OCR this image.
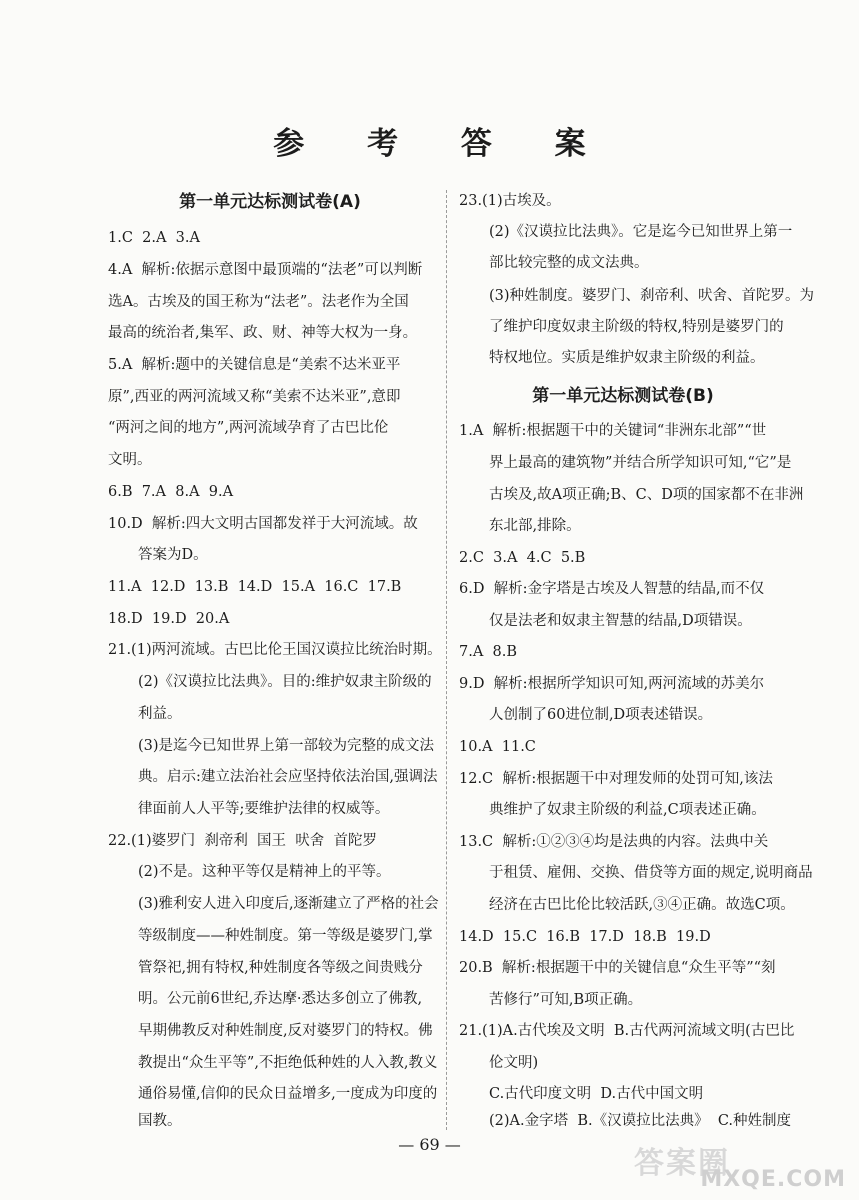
参 考 答 案
第一单元达标测试卷(A)
1.C  2.A  3.A
4.A  解析:依据示意图中最顶端的“法老”可以判断
选A。古埃及的国王称为“法老”。法老作为全国
最高的统治者,集军、政、财、神等大权为一身。
5.A  解析:题中的关键信息是“美索不达米亚平
原”,西亚的两河流域又称“美索不达米亚”,意即
“两河之间的地方”,两河流域孕育了古巴比伦
文明。
6.B  7.A  8.A  9.A
10.D  解析:四大文明古国都发祥于大河流域。故
答案为D。
11.A  12.D  13.B  14.D  15.A  16.C  17.B
18.D  19.D  20.A
21.(1)两河流域。古巴比伦王国汉谟拉比统治时期。
(2)《汉谟拉比法典》。目的:维护奴隶主阶级的
利益。
(3)是迄今已知世界上第一部较为完整的成文法
典。启示:建立法治社会应坚持依法治国,强调法
律面前人人平等;要维护法律的权威等。
22.(1)婆罗门  刹帝利  国王  吠舍  首陀罗
(2)不是。这种平等仅是精神上的平等。
(3)雅利安人进入印度后,逐渐建立了严格的社会
等级制度——种姓制度。第一等级是婆罗门,掌
管祭祀,拥有特权,种姓制度各等级之间贵贱分
明。公元前6世纪,乔达摩·悉达多创立了佛教,
早期佛教反对种姓制度,反对婆罗门的特权。佛
教提出“众生平等”,不拒绝低种姓的人入教,教义
通俗易懂,信仰的民众日益增多,一度成为印度的
国教。
23.(1)古埃及。
(2)《汉谟拉比法典》。它是迄今已知世界上第一
部比较完整的成文法典。
(3)种姓制度。婆罗门、刹帝利、吠舍、首陀罗。为
了维护印度奴隶主阶级的特权,特别是婆罗门的
特权地位。实质是维护奴隶主阶级的利益。
第一单元达标测试卷(B)
1.A  解析:根据题干中的关键词“非洲东北部”“世
界上最高的建筑物”并结合所学知识可知,“它”是
古埃及,故A项正确;B、C、D项的国家都不在非洲
东北部,排除。
2.C  3.A  4.C  5.B
6.D  解析:金字塔是古埃及人智慧的结晶,而不仅
仅是法老和奴隶主智慧的结晶,D项错误。
7.A  8.B
9.D  解析:根据所学知识可知,两河流域的苏美尔
人创制了60进位制,D项表述错误。
10.A  11.C
12.C  解析:根据题干中对理发师的处罚可知,该法
典维护了奴隶主阶级的利益,C项表述正确。
13.C  解析:①②③④均是法典的内容。法典中关
于租赁、雇佣、交换、借贷等方面的规定,说明商品
经济在古巴比伦比较活跃,③④正确。故选C项。
14.D  15.C  16.B  17.D  18.B  19.D
20.B  解析:根据题干中的关键信息“众生平等”“刻
苦修行”可知,B项正确。
21.(1)A.古代埃及文明  B.古代两河流域文明(古巴比
伦文明)
C.古代印度文明  D.古代中国文明
(2)A.金字塔  B.《汉谟拉比法典》  C.种姓制度
— 69 —
答案圈
MXQE.COM
